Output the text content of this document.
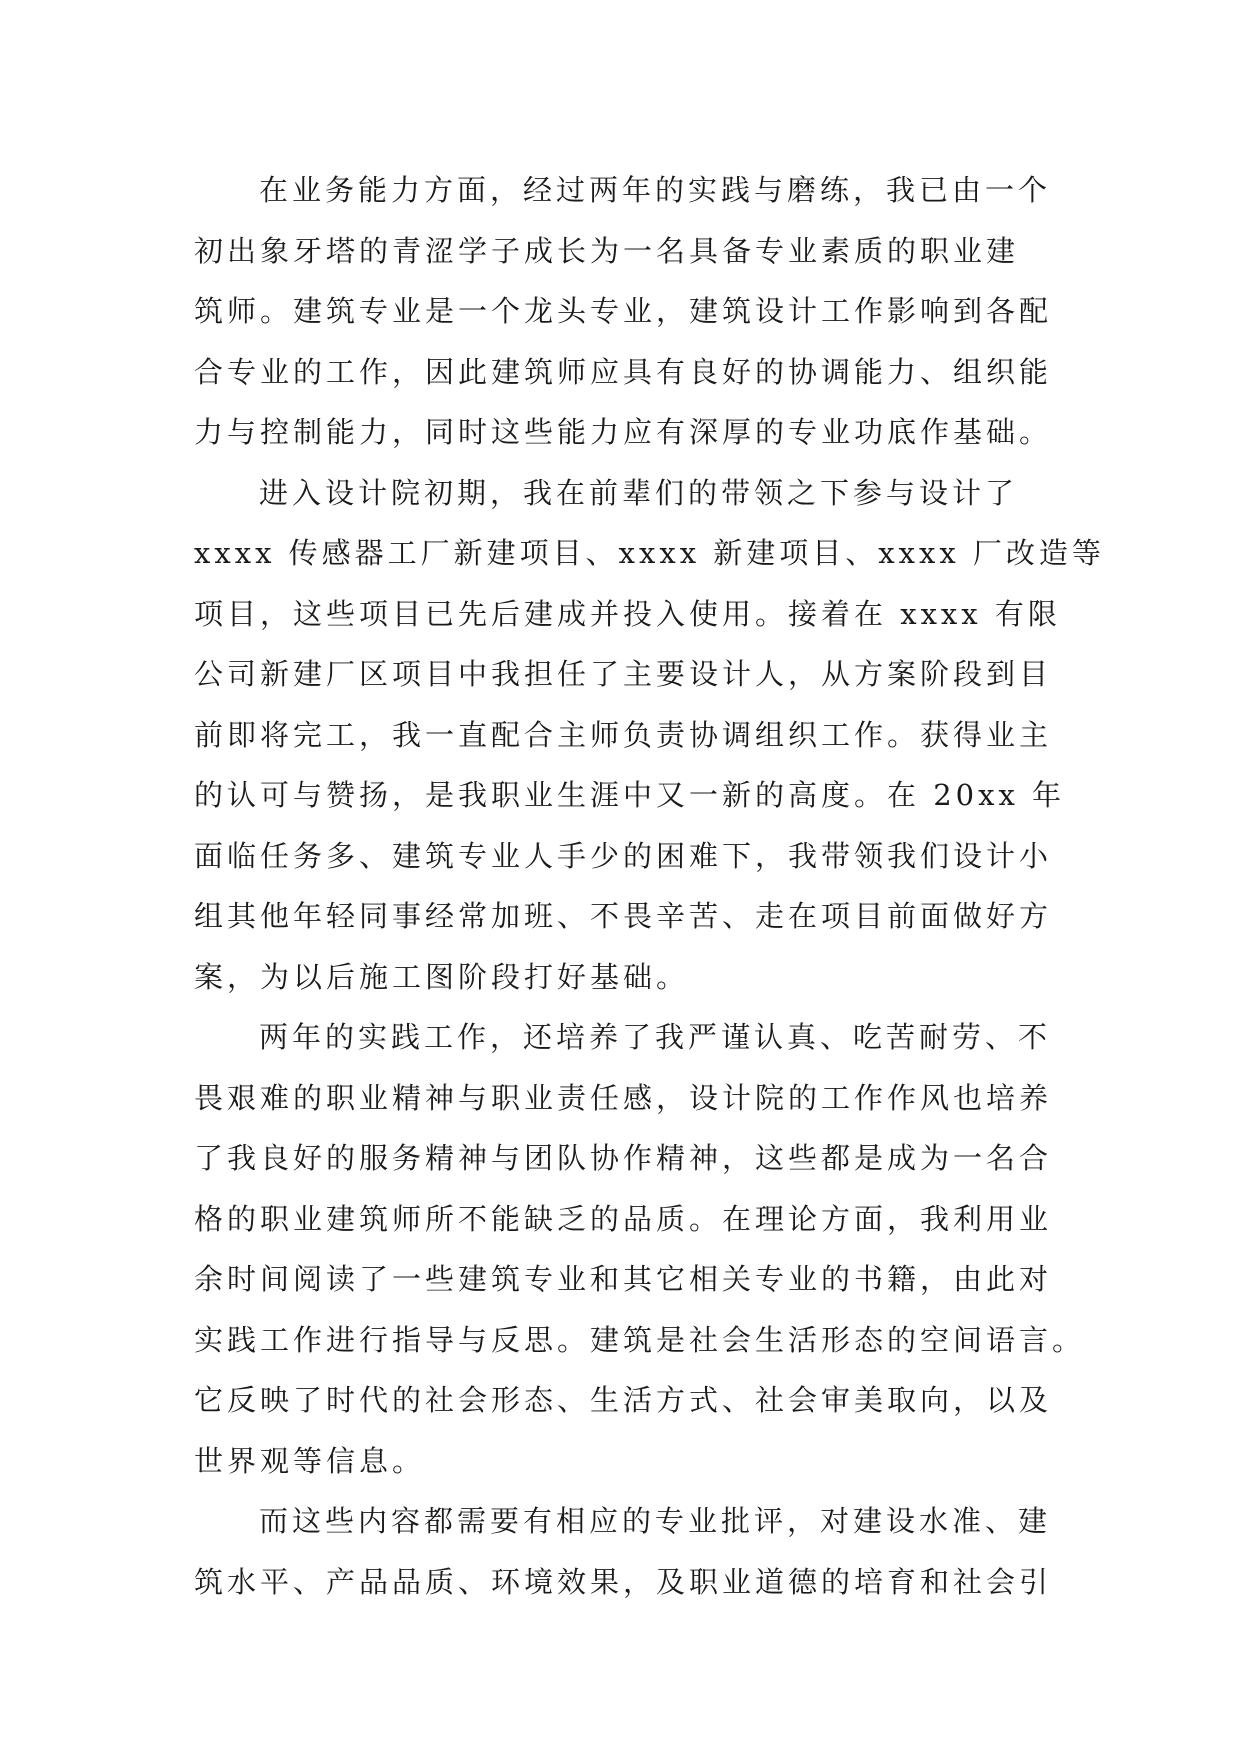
在业务能力方面，经过两年的实践与磨练，我已由一个
初出象牙塔的青涩学子成长为一名具备专业素质的职业建
筑师。建筑专业是一个龙头专业，建筑设计工作影响到各配
合专业的工作，因此建筑师应具有良好的协调能力、组织能
力与控制能力，同时这些能力应有深厚的专业功底作基础。
进入设计院初期，我在前辈们的带领之下参与设计了
xxxx 传感器工厂新建项目、xxxx 新建项目、xxxx 厂改造等
项目，这些项目已先后建成并投入使用。接着在 xxxx 有限
公司新建厂区项目中我担任了主要设计人，从方案阶段到目
前即将完工，我一直配合主师负责协调组织工作。获得业主
的认可与赞扬，是我职业生涯中又一新的高度。在 20xx 年
面临任务多、建筑专业人手少的困难下，我带领我们设计小
组其他年轻同事经常加班、不畏辛苦、走在项目前面做好方
案，为以后施工图阶段打好基础。
两年的实践工作，还培养了我严谨认真、吃苦耐劳、不
畏艰难的职业精神与职业责任感，设计院的工作作风也培养
了我良好的服务精神与团队协作精神，这些都是成为一名合
格的职业建筑师所不能缺乏的品质。在理论方面，我利用业
余时间阅读了一些建筑专业和其它相关专业的书籍，由此对
实践工作进行指导与反思。建筑是社会生活形态的空间语言。
它反映了时代的社会形态、生活方式、社会审美取向，以及
世界观等信息。
而这些内容都需要有相应的专业批评，对建设水准、建
筑水平、产品品质、环境效果，及职业道德的培育和社会引
